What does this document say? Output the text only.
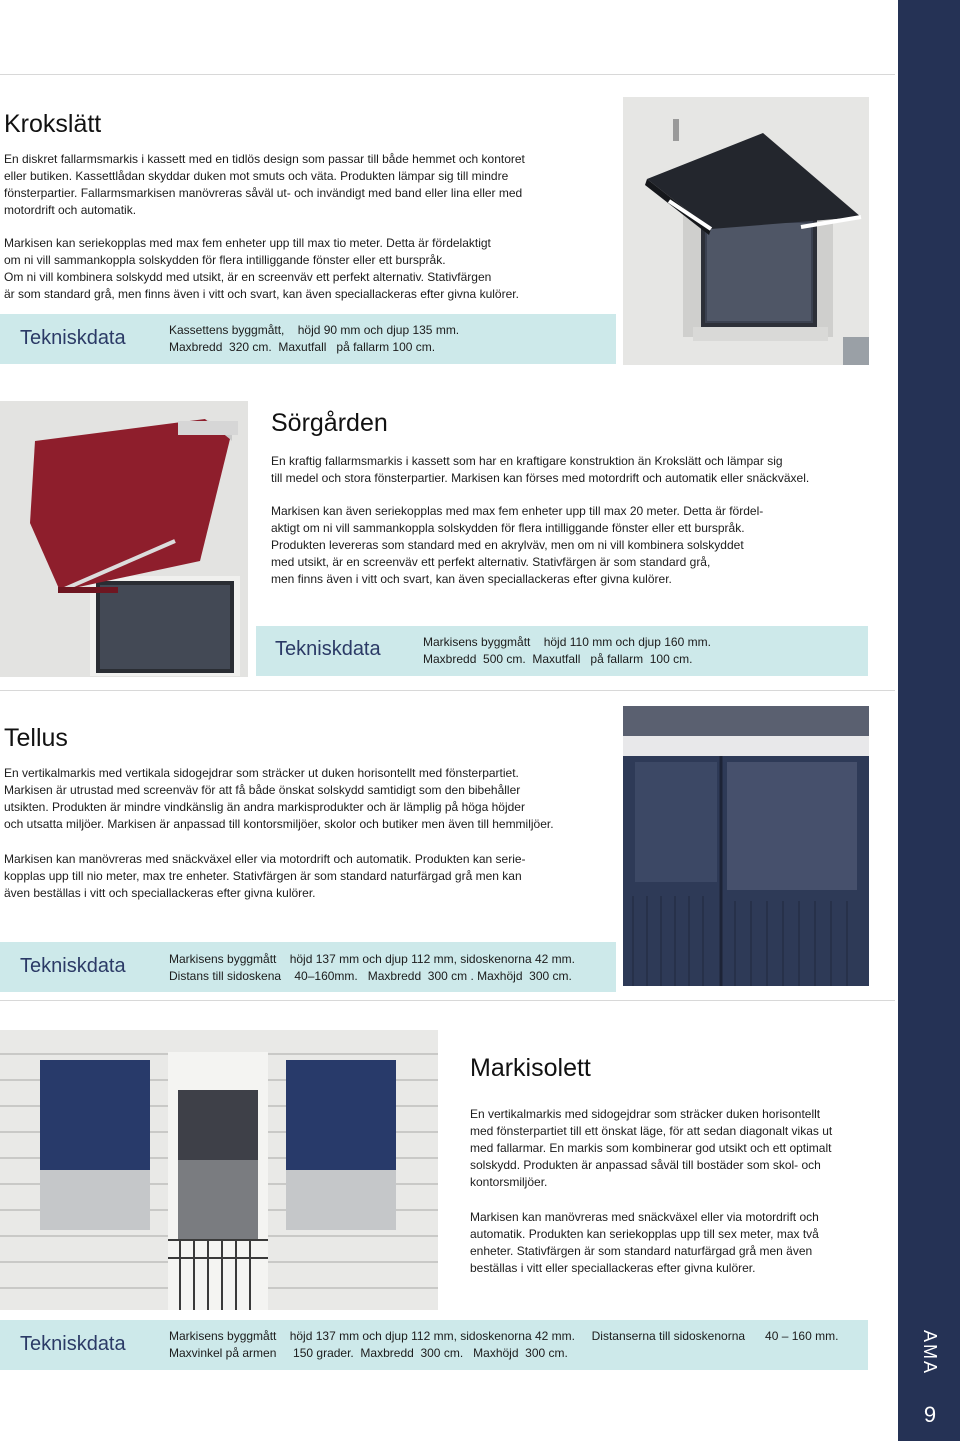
AMA
9
Krokslätt

En diskret fallarmsmarkis i kassett med en tidlös design som passar till både hemmet och kontoret

eller butiken. Kassettlådan skyddar duken mot smuts och väta. Produkten lämpar sig till mindre

fönsterpartier. Fallarmsmarkisen manövreras såväl ut- och invändigt med band eller lina eller med

motordrift och automatik.

Markisen kan seriekopplas med max fem enheter upp till max tio meter. Detta är fördelaktigt

om ni vill sammankoppla solskydden för flera intilliggande fönster eller ett burspråk.

Om ni vill kombinera solskydd med utsikt, är en screenväv ett perfekt alternativ. Stativfärgen

är som standard grå, men finns även i vitt och svart, kan även speciallackeras efter givna kulörer.

Tekniskdata	Kassettens byggmått,    höjd 90 mm och djup 135 mm.
Maxbredd  320 cm.  Maxutfall   på fallarm 100 cm.
Sörgården

En kraftig fallarmsmarkis i kassett som har en kraftigare konstruktion än Krokslätt och lämpar sig

till medel och stora fönsterpartier. Markisen kan förses med motordrift och automatik eller snäckväxel.

Markisen kan även seriekopplas med max fem enheter upp till max 20 meter. Detta är fördel-

aktigt om ni vill sammankoppla solskydden för flera intilliggande fönster eller ett burspråk.

Produkten levereras som standard med en akrylväv, men om ni vill kombinera solskyddet

med utsikt, är en screenväv ett perfekt alternativ. Stativfärgen är som standard grå,

men finns även i vitt och svart, kan även speciallackeras efter givna kulörer.

Tekniskdata	Markisens byggmått    höjd 110 mm och djup 160 mm.
Maxbredd  500 cm.  Maxutfall   på fallarm  100 cm.
Tellus

En vertikalmarkis med vertikala sidogejdrar som sträcker ut duken horisontellt med fönsterpartiet.

Markisen är utrustad med screenväv för att få både önskat solskydd samtidigt som den bibehåller

utsikten. Produkten är mindre vindkänslig än andra markisprodukter och är lämplig på höga höjder

och utsatta miljöer. Markisen är anpassad till kontorsmiljöer, skolor och butiker men även till hemmiljöer.

Markisen kan manövreras med snäckväxel eller via motordrift och automatik. Produkten kan serie-

kopplas upp till nio meter, max tre enheter. Stativfärgen är som standard naturfärgad grå men kan

även beställas i vitt och speciallackeras efter givna kulörer.

Tekniskdata	Markisens byggmått    höjd 137 mm och djup 112 mm, sidoskenorna 42 mm.
Distans till sidoskena    40–160mm.   Maxbredd  300 cm . Maxhöjd  300 cm.
Markisolett

En vertikalmarkis med sidogejdrar som sträcker duken horisontellt

med fönsterpartiet till ett önskat läge, för att sedan diagonalt vikas ut

med fallarmar. En markis som kombinerar god utsikt och ett optimalt

solskydd. Produkten är anpassad såväl till bostäder som skol- och

kontorsmiljöer.

Markisen kan manövreras med snäckväxel eller via motordrift och

automatik. Produkten kan seriekopplas upp till sex meter, max två

enheter. Stativfärgen är som standard naturfärgad grå men även

beställas i vitt eller speciallackeras efter givna kulörer.

Tekniskdata	Markisens byggmått    höjd 137 mm och djup 112 mm, sidoskenorna 42 mm.     Distanserna till sidoskenorna      40 – 160 mm.
Maxvinkel på armen     150 grader.  Maxbredd  300 cm.   Maxhöjd  300 cm.
